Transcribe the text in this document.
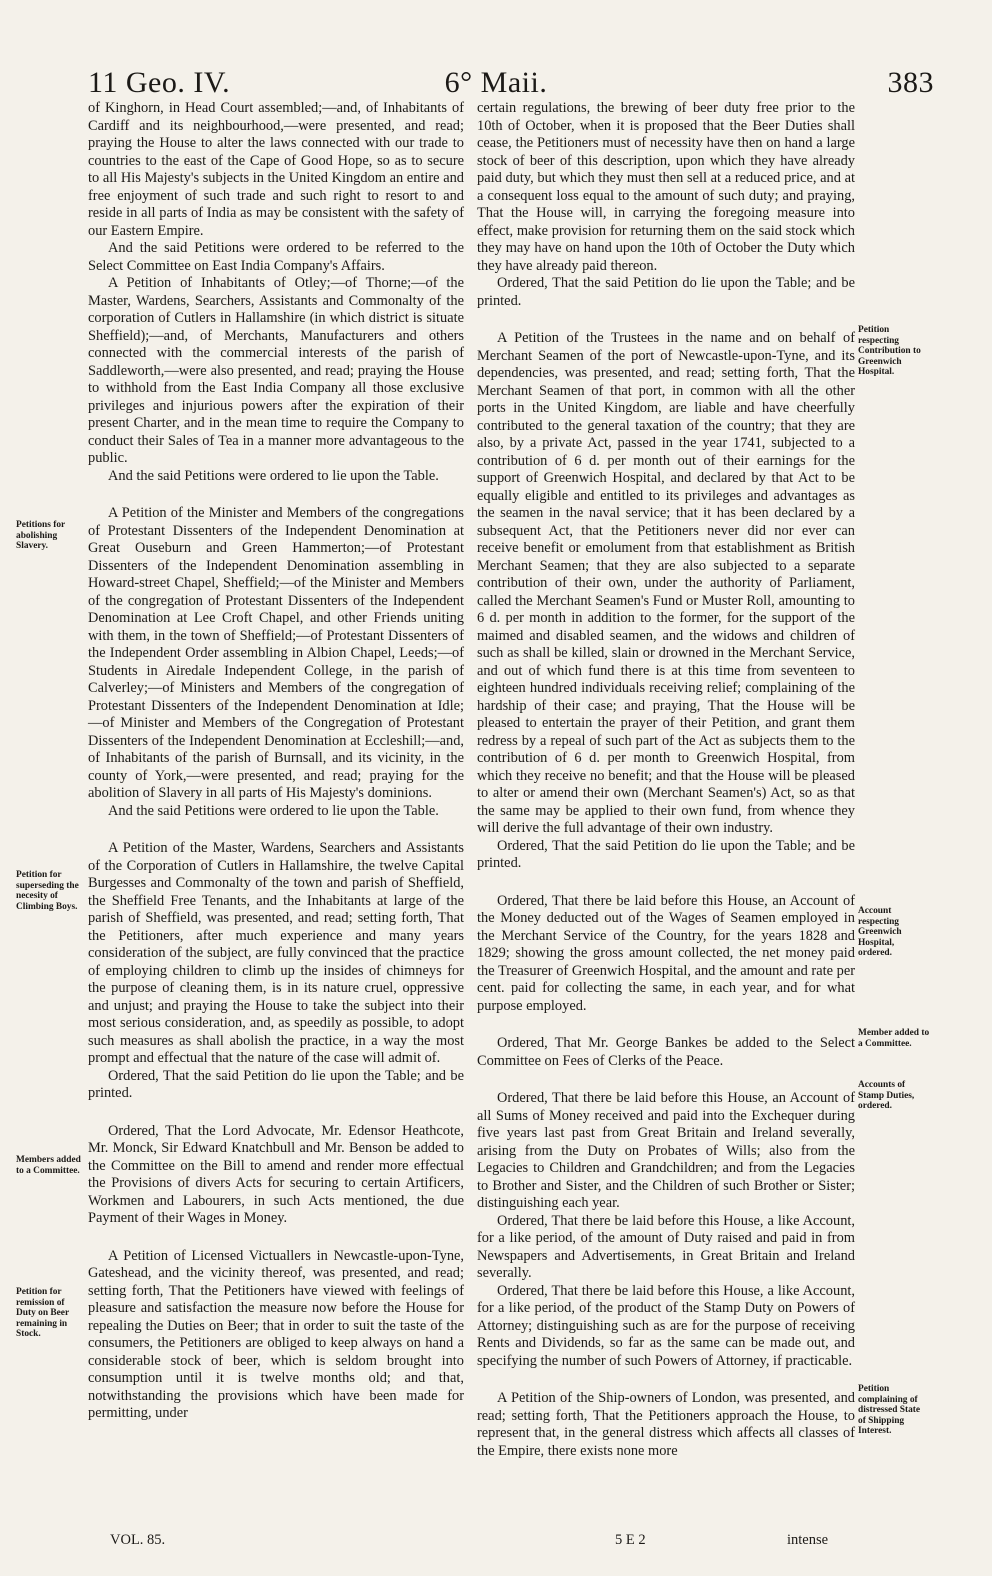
11 Geo. IV.	6° Maii.	383

of Kinghorn, in Head Court assembled;—and, of Inhabitants of Cardiff and its neighbourhood,—were presented, and read; praying the House to alter the laws connected with our trade to countries to the east of the Cape of Good Hope, so as to secure to all His Majesty's subjects in the United Kingdom an entire and free enjoyment of such trade and such right to resort to and reside in all parts of India as may be consistent with the safety of our Eastern Empire.

And the said Petitions were ordered to be referred to the Select Committee on East India Company's Affairs.

A Petition of Inhabitants of Otley;—of Thorne;—of the Master, Wardens, Searchers, Assistants and Commonalty of the corporation of Cutlers in Hallamshire (in which district is situate Sheffield);—and, of Merchants, Manufacturers and others connected with the commercial interests of the parish of Saddleworth,—were also presented, and read; praying the House to withhold from the East India Company all those exclusive privileges and injurious powers after the expiration of their present Charter, and in the mean time to require the Company to conduct their Sales of Tea in a manner more advantageous to the public.

And the said Petitions were ordered to lie upon the Table.

A Petition of the Minister and Members of the congregations of Protestant Dissenters of the Independent Denomination at Great Ouseburn and Green Hammerton;—of Protestant Dissenters of the Independent Denomination assembling in Howard-street Chapel, Sheffield;—of the Minister and Members of the congregation of Protestant Dissenters of the Independent Denomination at Lee Croft Chapel, and other Friends uniting with them, in the town of Sheffield;—of Protestant Dissenters of the Independent Order assembling in Albion Chapel, Leeds;—of Students in Airedale Independent College, in the parish of Calverley;—of Ministers and Members of the congregation of Protestant Dissenters of the Independent Denomination at Idle;—of Minister and Members of the Congregation of Protestant Dissenters of the Independent Denomination at Eccleshill;—and, of Inhabitants of the parish of Burnsall, and its vicinity, in the county of York,—were presented, and read; praying for the abolition of Slavery in all parts of His Majesty's dominions.

And the said Petitions were ordered to lie upon the Table.

A Petition of the Master, Wardens, Searchers and Assistants of the Corporation of Cutlers in Hallamshire, the twelve Capital Burgesses and Commonalty of the town and parish of Sheffield, the Sheffield Free Tenants, and the Inhabitants at large of the parish of Sheffield, was presented, and read; setting forth, That the Petitioners, after much experience and many years consideration of the subject, are fully convinced that the practice of employing children to climb up the insides of chimneys for the purpose of cleaning them, is in its nature cruel, oppressive and unjust; and praying the House to take the subject into their most serious consideration, and, as speedily as possible, to adopt such measures as shall abolish the practice, in a way the most prompt and effectual that the nature of the case will admit of.

Ordered, That the said Petition do lie upon the Table; and be printed.

Ordered, That the Lord Advocate, Mr. Edensor Heathcote, Mr. Monck, Sir Edward Knatchbull and Mr. Benson be added to the Committee on the Bill to amend and render more effectual the Provisions of divers Acts for securing to certain Artificers, Workmen and Labourers, in such Acts mentioned, the due Payment of their Wages in Money.

A Petition of Licensed Victuallers in Newcastle-upon-Tyne, Gateshead, and the vicinity thereof, was presented, and read; setting forth, That the Petitioners have viewed with feelings of pleasure and satisfaction the measure now before the House for repealing the Duties on Beer; that in order to suit the taste of the consumers, the Petitioners are obliged to keep always on hand a considerable stock of beer, which is seldom brought into consumption until it is twelve months old; and that, notwithstanding the provisions which have been made for permitting, under

certain regulations, the brewing of beer duty free prior to the 10th of October, when it is proposed that the Beer Duties shall cease, the Petitioners must of necessity have then on hand a large stock of beer of this description, upon which they have already paid duty, but which they must then sell at a reduced price, and at a consequent loss equal to the amount of such duty; and praying, That the House will, in carrying the foregoing measure into effect, make provision for returning them on the said stock which they may have on hand upon the 10th of October the Duty which they have already paid thereon.

Ordered, That the said Petition do lie upon the Table; and be printed.

A Petition of the Trustees in the name and on behalf of Merchant Seamen of the port of Newcastle-upon-Tyne, and its dependencies, was presented, and read; setting forth, That the Merchant Seamen of that port, in common with all the other ports in the United Kingdom, are liable and have cheerfully contributed to the general taxation of the country; that they are also, by a private Act, passed in the year 1741, subjected to a contribution of 6 d. per month out of their earnings for the support of Greenwich Hospital, and declared by that Act to be equally eligible and entitled to its privileges and advantages as the seamen in the naval service; that it has been declared by a subsequent Act, that the Petitioners never did nor ever can receive benefit or emolument from that establishment as British Merchant Seamen; that they are also subjected to a separate contribution of their own, under the authority of Parliament, called the Merchant Seamen's Fund or Muster Roll, amounting to 6 d. per month in addition to the former, for the support of the maimed and disabled seamen, and the widows and children of such as shall be killed, slain or drowned in the Merchant Service, and out of which fund there is at this time from seventeen to eighteen hundred individuals receiving relief; complaining of the hardship of their case; and praying, That the House will be pleased to entertain the prayer of their Petition, and grant them redress by a repeal of such part of the Act as subjects them to the contribution of 6 d. per month to Greenwich Hospital, from which they receive no benefit; and that the House will be pleased to alter or amend their own (Merchant Seamen's) Act, so as that the same may be applied to their own fund, from whence they will derive the full advantage of their own industry.

Ordered, That the said Petition do lie upon the Table; and be printed.

Ordered, That there be laid before this House, an Account of the Money deducted out of the Wages of Seamen employed in the Merchant Service of the Country, for the years 1828 and 1829; showing the gross amount collected, the net money paid the Treasurer of Greenwich Hospital, and the amount and rate per cent. paid for collecting the same, in each year, and for what purpose employed.

Ordered, That Mr. George Bankes be added to the Select Committee on Fees of Clerks of the Peace.

Ordered, That there be laid before this House, an Account of all Sums of Money received and paid into the Exchequer during five years last past from Great Britain and Ireland severally, arising from the Duty on Probates of Wills; also from the Legacies to Children and Grandchildren; and from the Legacies to Brother and Sister, and the Children of such Brother or Sister; distinguishing each year.

Ordered, That there be laid before this House, a like Account, for a like period, of the amount of Duty raised and paid in from Newspapers and Advertisements, in Great Britain and Ireland severally.

Ordered, That there be laid before this House, a like Account, for a like period, of the product of the Stamp Duty on Powers of Attorney; distinguishing such as are for the purpose of receiving Rents and Dividends, so far as the same can be made out, and specifying the number of such Powers of Attorney, if practicable.

A Petition of the Ship-owners of London, was presented, and read; setting forth, That the Petitioners approach the House, to represent that, in the general distress which affects all classes of the Empire, there exists none more

Petitions for abolishing Slavery.
Petition for superseding the necesity of Climbing Boys.
Members added to a Committee.
Petition for remission of Duty on Beer remaining in Stock.
Petition respecting Contribution to Greenwich Hospital.
Account respecting Greenwich Hospital, ordered.
Member added to a Committee.
Accounts of Stamp Duties, ordered.
Petition complaining of distressed State of Shipping Interest.
VOL. 85.	5 E 2	intense
